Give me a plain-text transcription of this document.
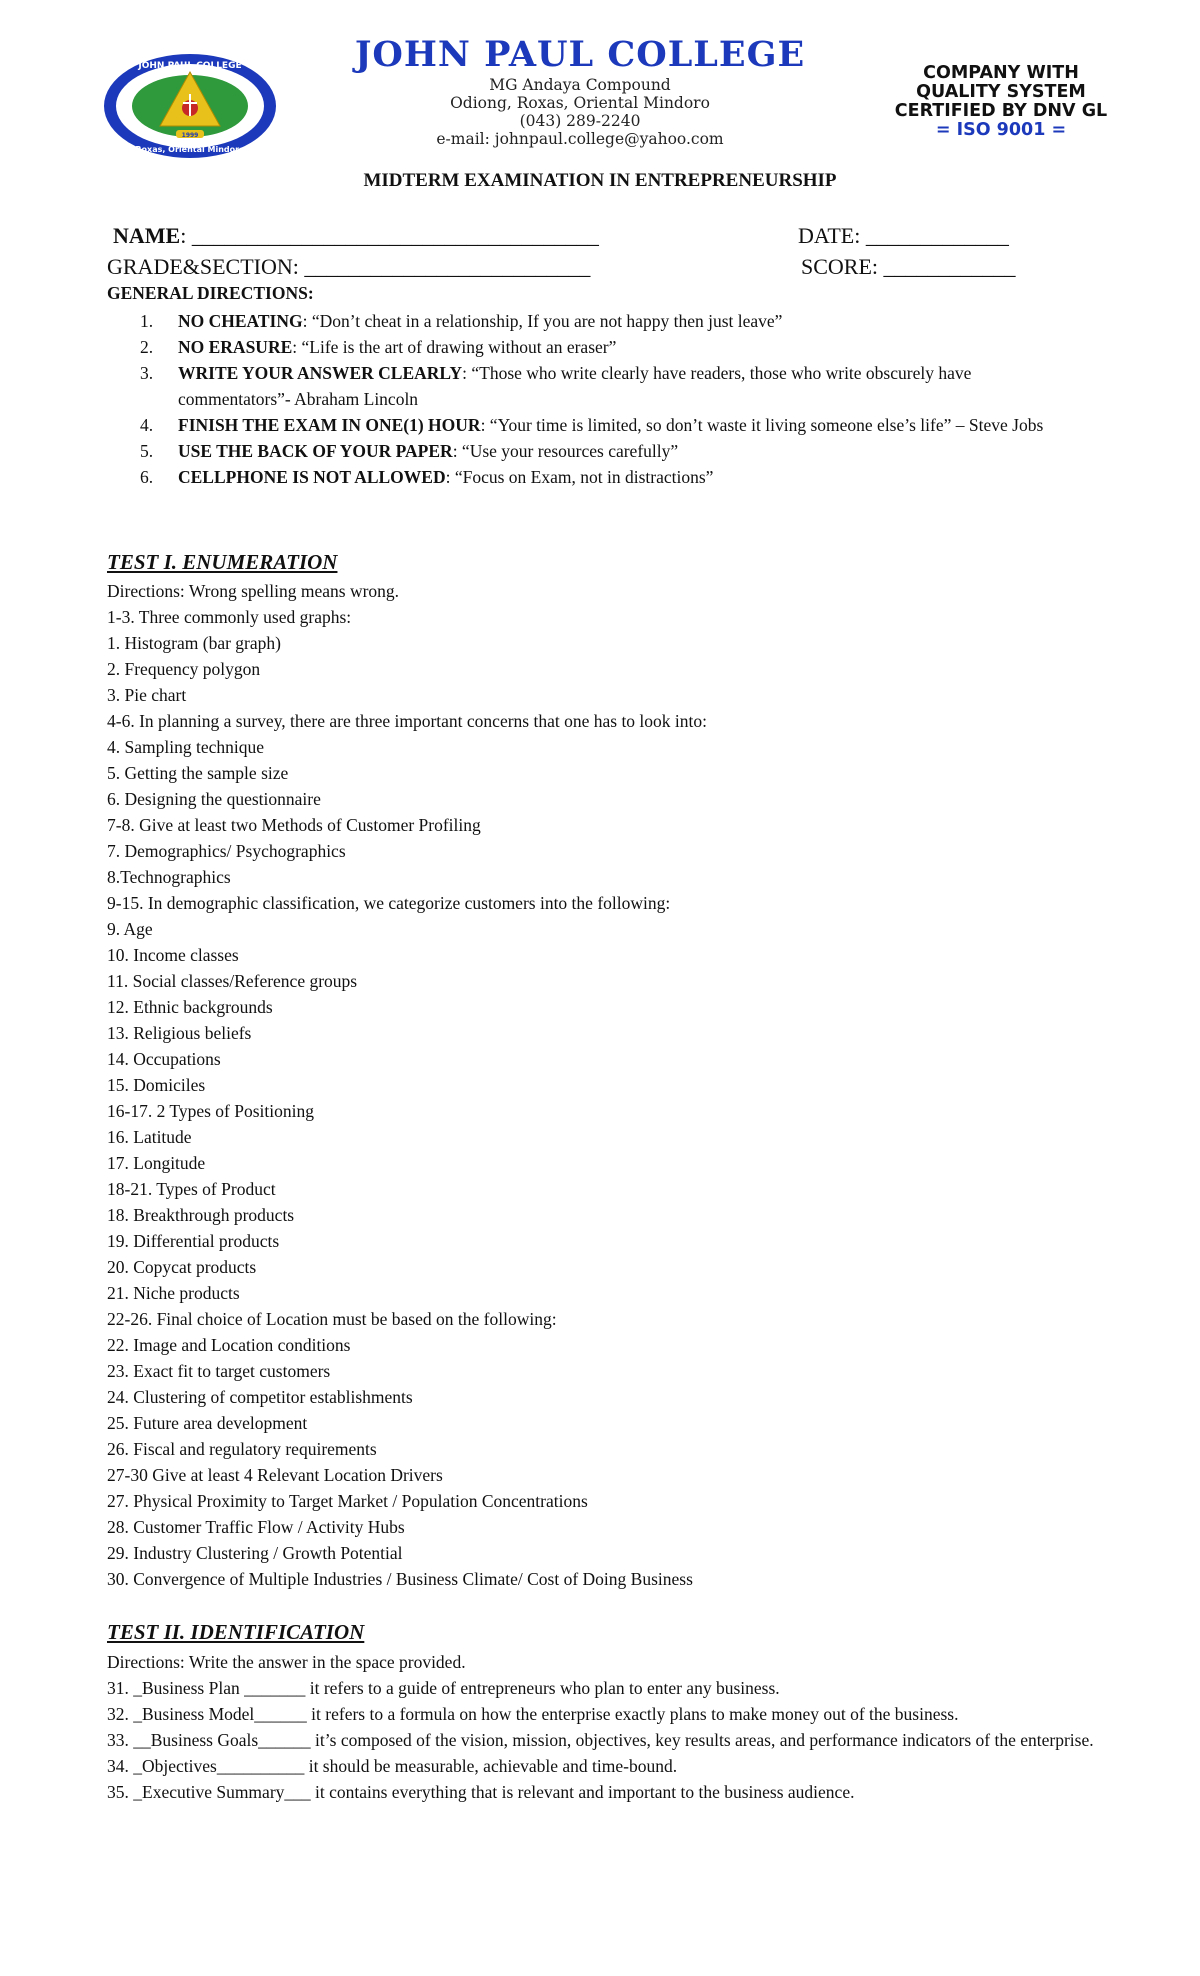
JOHN PAUL COLLEGE
Roxas, Oriental Mindoro
1999
JOHN PAUL COLLEGE
MG Andaya Compound
Odiong, Roxas, Oriental Mindoro
(043) 289-2240
e-mail: johnpaul.college@yahoo.com
COMPANY WITH
QUALITY SYSTEM
CERTIFIED BY DNV GL
= ISO 9001 =
MIDTERM EXAMINATION IN ENTREPRENEURSHIP
NAME: _____________________________________	DATE: _____________
GRADE&SECTION: __________________________	SCORE: ____________
GENERAL DIRECTIONS:
1. NO CHEATING: “Don’t cheat in a relationship, If you are not happy then just leave”
2. NO ERASURE: “Life is the art of drawing without an eraser”
3. WRITE YOUR ANSWER CLEARLY: “Those who write clearly have readers, those who write obscurely have commentators”- Abraham Lincoln
4. FINISH THE EXAM IN ONE(1) HOUR: “Your time is limited, so don’t waste it living someone else’s life” – Steve Jobs
5. USE THE BACK OF YOUR PAPER: “Use your resources carefully”
6. CELLPHONE IS NOT ALLOWED: “Focus on Exam, not in distractions”
TEST I. ENUMERATION
Directions: Wrong spelling means wrong.
1-3. Three commonly used graphs:
1. Histogram (bar graph)
2. Frequency polygon
3. Pie chart
4-6. In planning a survey, there are three important concerns that one has to look into:
4. Sampling technique
5. Getting the sample size
6. Designing the questionnaire
7-8. Give at least two Methods of Customer Profiling
7. Demographics/ Psychographics
8.Technographics
9-15. In demographic classification, we categorize customers into the following:
9. Age
10. Income classes
11. Social classes/Reference groups
12. Ethnic backgrounds
13. Religious beliefs
14. Occupations
15. Domiciles
16-17. 2 Types of Positioning
16. Latitude
17. Longitude
18-21. Types of Product
18. Breakthrough products
19. Differential products
20. Copycat products
21. Niche products
22-26. Final choice of Location must be based on the following:
22. Image and Location conditions
23. Exact fit to target customers
24. Clustering of competitor establishments
25. Future area development
26. Fiscal and regulatory requirements
27-30 Give at least 4 Relevant Location Drivers
27. Physical Proximity to Target Market / Population Concentrations
28. Customer Traffic Flow / Activity Hubs
29. Industry Clustering / Growth Potential
30. Convergence of Multiple Industries / Business Climate/ Cost of Doing Business
TEST II. IDENTIFICATION
Directions: Write the answer in the space provided.
31. _Business Plan _______ it refers to a guide of entrepreneurs who plan to enter any business.
32. _Business Model______ it refers to a formula on how the enterprise exactly plans to make money out of the business.
33. __Business Goals______ it’s composed of the vision, mission, objectives, key results areas, and performance indicators of the enterprise.
34. _Objectives__________ it should be measurable, achievable and time-bound.
35. _Executive Summary___ it contains everything that is relevant and important to the business audience.
